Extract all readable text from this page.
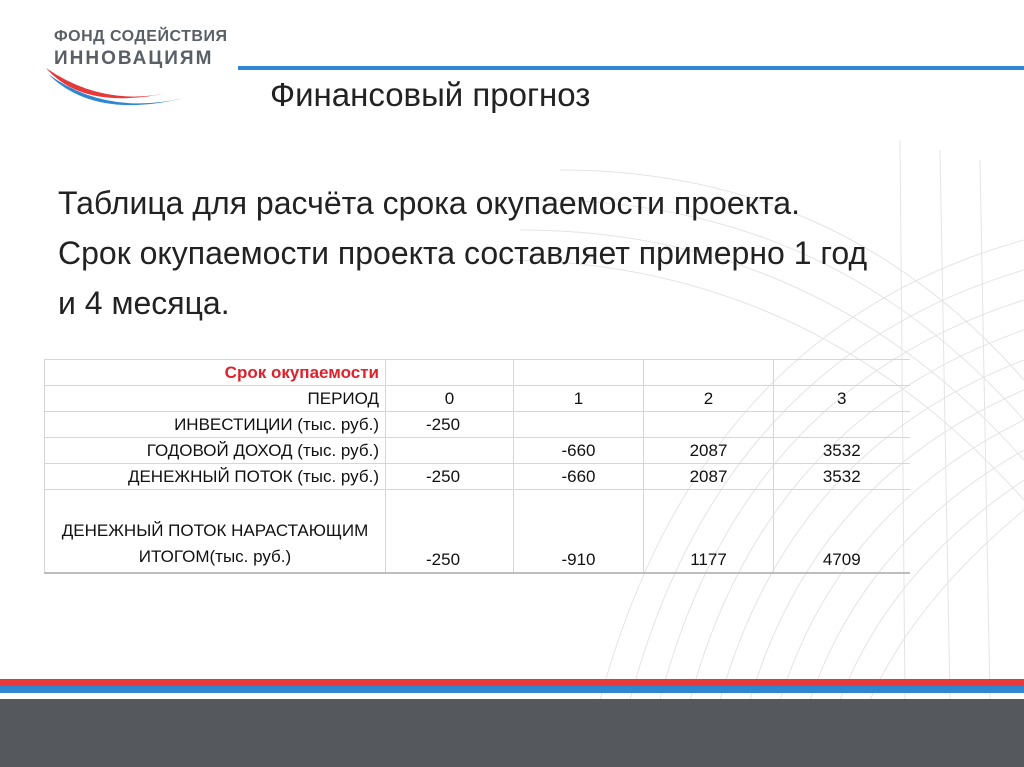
ФОНД СОДЕЙСТВИЯ
ИННОВАЦИЯМ
Финансовый прогноз
Таблица для расчёта срока окупаемости проекта. Срок окупаемости проекта составляет примерно 1 год и 4 месяца.
Срок окупаемости				
ПЕРИОД	0	1	2	3
ИНВЕСТИЦИИ (тыс. руб.)	-250			
ГОДОВОЙ ДОХОД (тыс. руб.)		-660	2087	3532
ДЕНЕЖНЫЙ ПОТОК (тыс. руб.)	-250	-660	2087	3532
ДЕНЕЖНЫЙ ПОТОК НАРАСТАЮЩИМ ИТОГОМ(тыс. руб.)	-250	-910	1177	4709
